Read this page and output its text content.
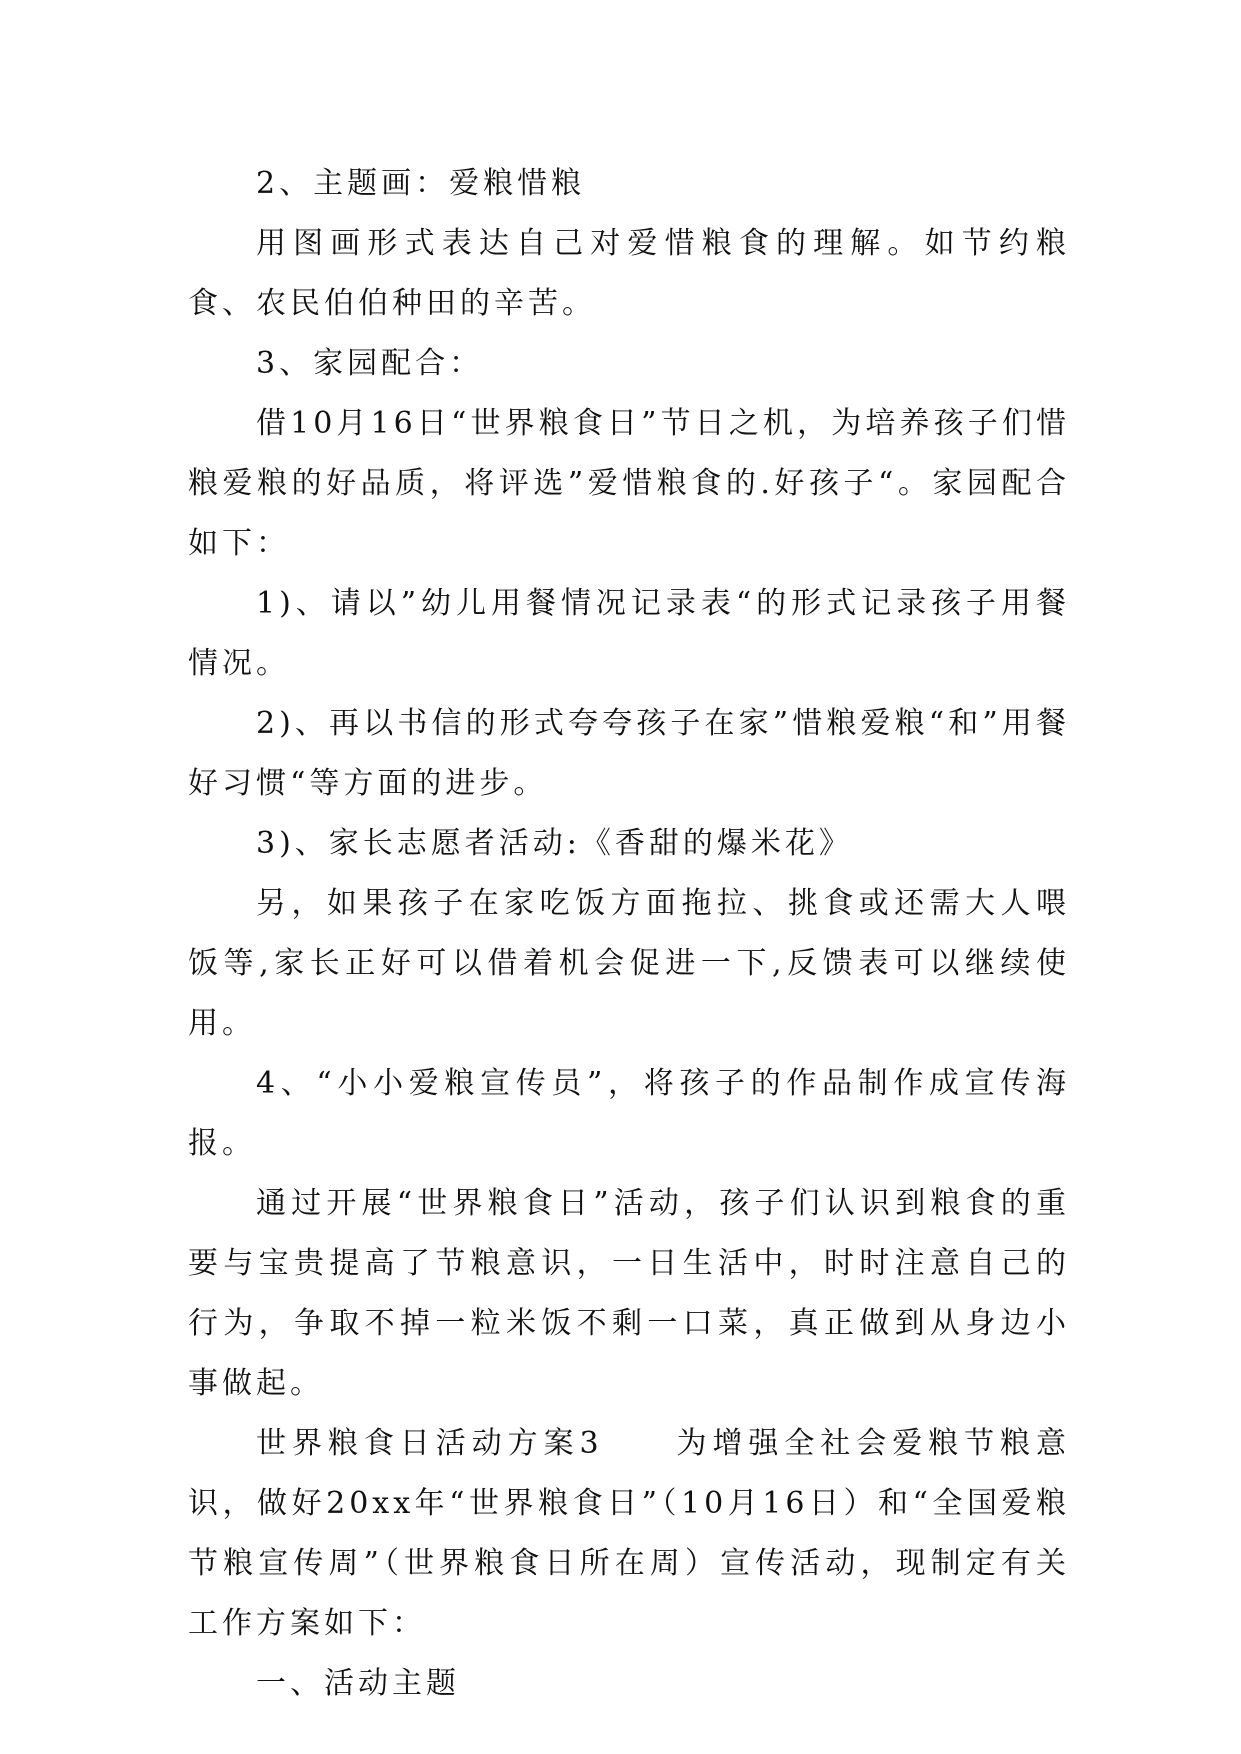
2、主题画：爱粮惜粮

用图画形式表达自己对爱惜粮食的理解。如节约粮食、农民伯伯种田的辛苦。

3、家园配合：

借10月16日“世界粮食日”节日之机，为培养孩子们惜粮爱粮的好品质，将评选”爱惜粮食的.好孩子“。家园配合如下：

1)、请以”幼儿用餐情况记录表“的形式记录孩子用餐情况。

2)、再以书信的形式夸夸孩子在家”惜粮爱粮“和”用餐好习惯“等方面的进步。

3)、家长志愿者活动:《香甜的爆米花》

另，如果孩子在家吃饭方面拖拉、挑食或还需大人喂饭等,家长正好可以借着机会促进一下,反馈表可以继续使用。

4、“小小爱粮宣传员”，将孩子的作品制作成宣传海报。

通过开展“世界粮食日”活动，孩子们认识到粮食的重要与宝贵提高了节粮意识，一日生活中，时时注意自己的行为，争取不掉一粒米饭不剩一口菜，真正做到从身边小事做起。

世界粮食日活动方案3　　为增强全社会爱粮节粮意识，做好20xx年“世界粮食日”（10月16日）和“全国爱粮节粮宣传周”（世界粮食日所在周）宣传活动，现制定有关工作方案如下：

一、活动主题
